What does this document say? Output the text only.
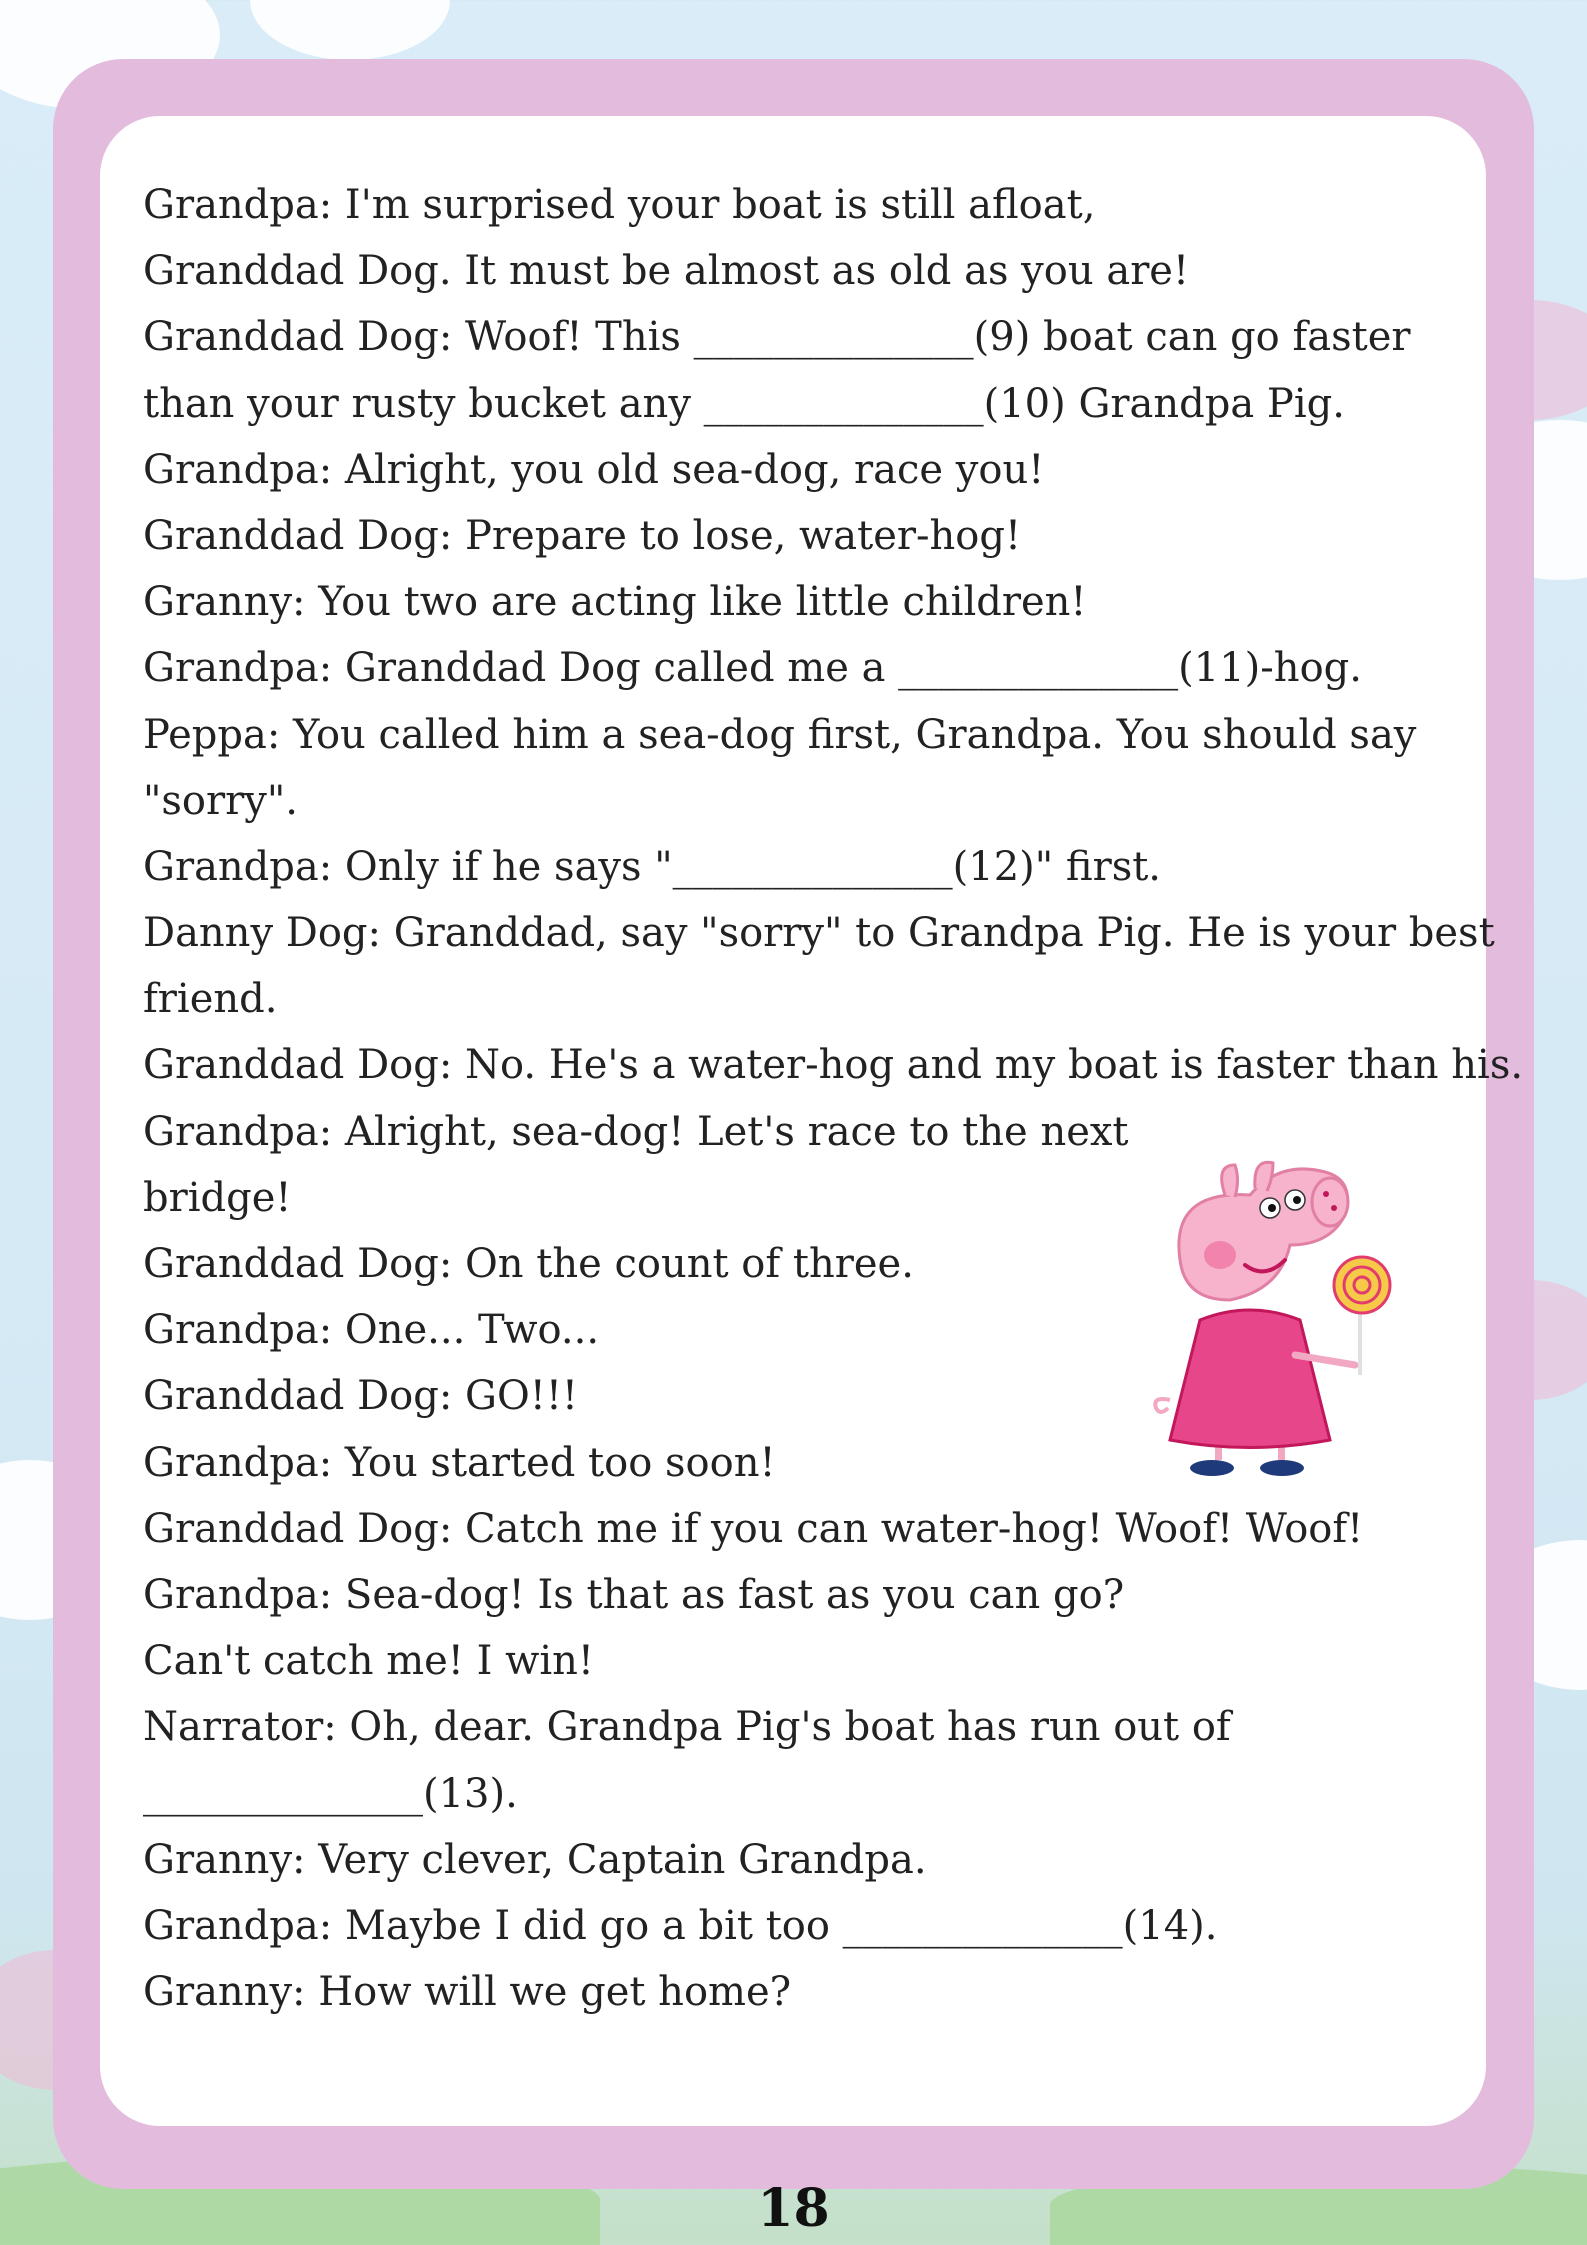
Grandpa: I'm surprised your boat is still afloat,
Granddad Dog. It must be almost as old as you are!
Granddad Dog: Woof! This ______________(9) boat can go faster
than your rusty bucket any ______________(10) Grandpa Pig.
Grandpa: Alright, you old sea-dog, race you!
Granddad Dog: Prepare to lose, water-hog!
Granny: You two are acting like little children!
Grandpa: Granddad Dog called me a ______________(11)-hog.
Peppa: You called him a sea-dog first, Grandpa. You should say
"sorry".
Grandpa: Only if he says "______________(12)" first.
Danny Dog: Granddad, say "sorry" to Grandpa Pig. He is your best
friend.
Granddad Dog: No. He's a water-hog and my boat is faster than his.
Grandpa: Alright, sea-dog! Let's race to the next
bridge!
Granddad Dog: On the count of three.
Grandpa: One... Two...
Granddad Dog: GO!!!
Grandpa: You started too soon!
Granddad Dog: Catch me if you can water-hog! Woof! Woof!
Grandpa: Sea-dog! Is that as fast as you can go?
Can't catch me! I win!
Narrator: Oh, dear. Grandpa Pig's boat has run out of
______________(13).
Granny: Very clever, Captain Grandpa.
Grandpa: Maybe I did go a bit too ______________(14).
Granny: How will we get home?
18
